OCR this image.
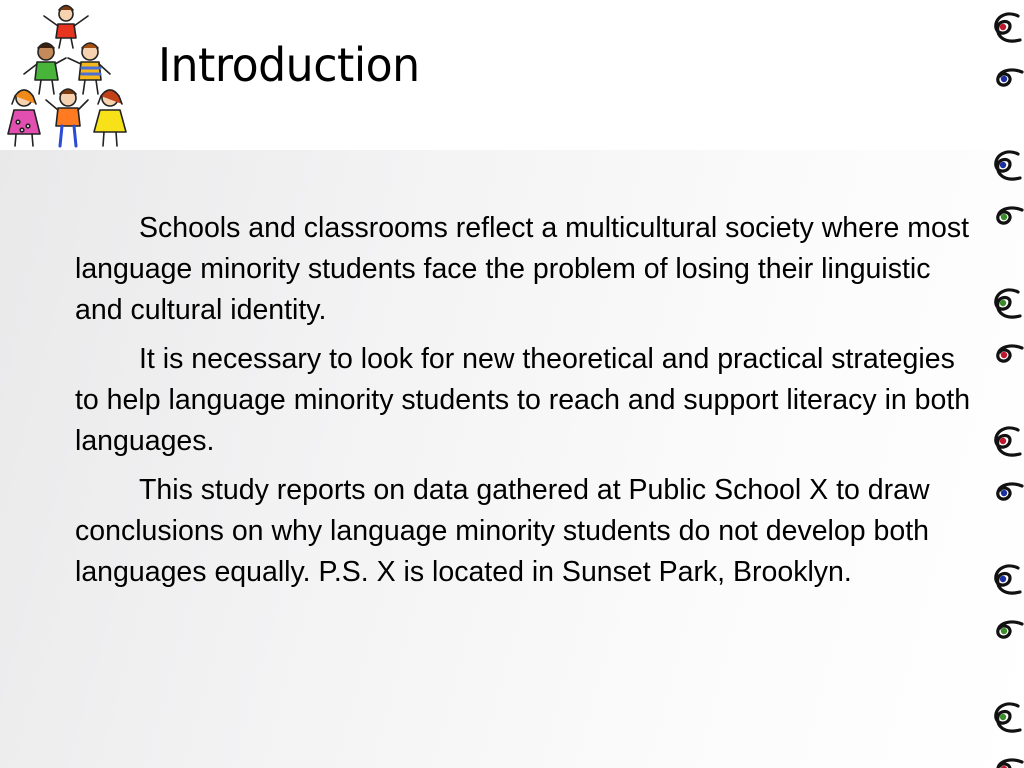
Introduction

Schools and classrooms reflect a multicultural society where most language minority students face the problem of losing their linguistic and cultural identity.

It is necessary to look for new theoretical and practical strategies to help language minority students to reach and support literacy in both languages.

This study reports on data gathered at Public School X to draw conclusions on why language minority students do not develop both languages equally. P.S. X is located in Sunset Park, Brooklyn.
